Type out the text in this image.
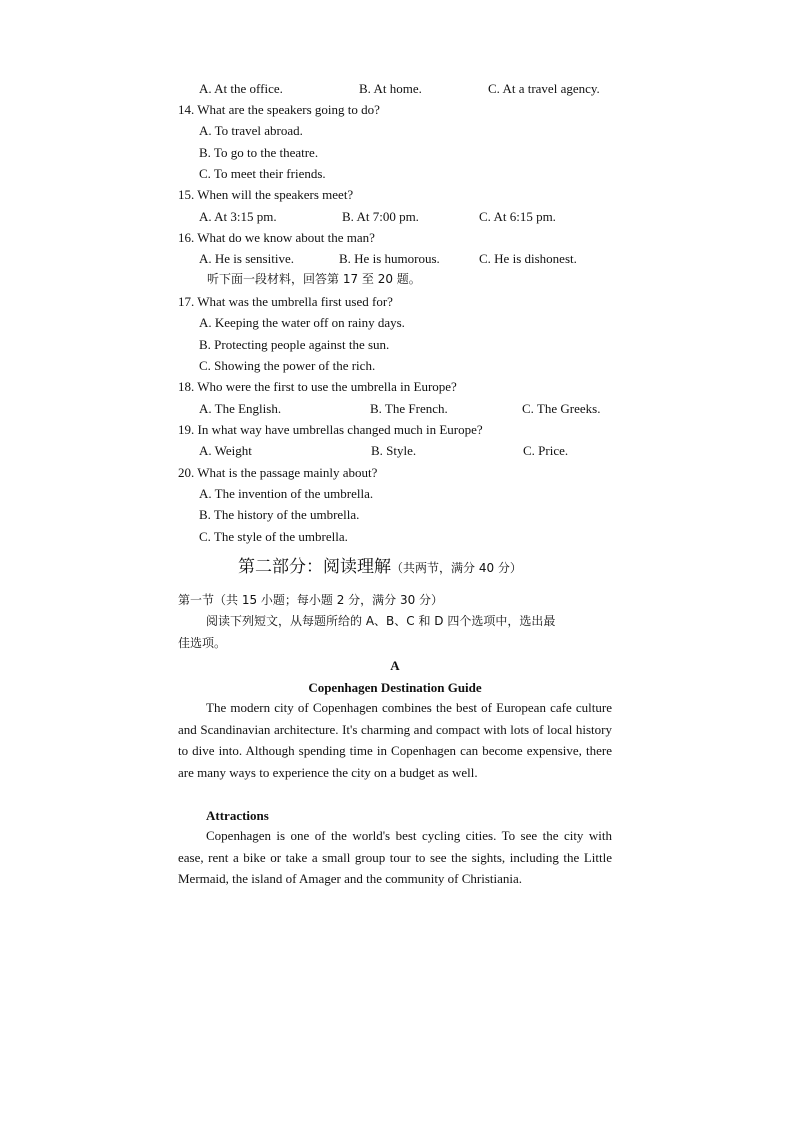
A. At the office.	B. At home.	C. At a travel agency.
14. What are the speakers going to do?
A. To travel abroad.
B. To go to the theatre.
C. To meet their friends.
15. When will the speakers meet?
A. At 3:15 pm.	B. At 7:00 pm.	C. At 6:15 pm.
16. What do we know about the man?
A. He is sensitive.	B. He is humorous.	C. He is dishonest.
听下面一段材料，回答第 17 至 20 题。
17. What was the umbrella first used for?
A. Keeping the water off on rainy days.
B. Protecting people against the sun.
C. Showing the power of the rich.
18. Who were the first to use the umbrella in Europe?
A. The English.	B. The French.	C. The Greeks.
19. In what way have umbrellas changed much in Europe?
A. Weight	B. Style.	C. Price.
20. What is the passage mainly about?
A. The invention of the umbrella.
B. The history of the umbrella.
C. The style of the umbrella.
第二部分：阅读理解（共两节，满分 40 分）
第一节（共 15 小题；每小题 2 分，满分 30 分）
阅读下列短文，从每题所给的 A、B、C 和 D 四个选项中，选出最
佳选项。
A
Copenhagen Destination Guide

The modern city of Copenhagen combines the best of European cafe culture and Scandinavian architecture. It's charming and compact with lots of local history to dive into. Although spending time in Copenhagen can become expensive, there are many ways to experience the city on a budget as well.

Attractions

Copenhagen is one of the world's best cycling cities. To see the city with ease, rent a bike or take a small group tour to see the sights, including the Little Mermaid, the island of Amager and the community of Christiania.
